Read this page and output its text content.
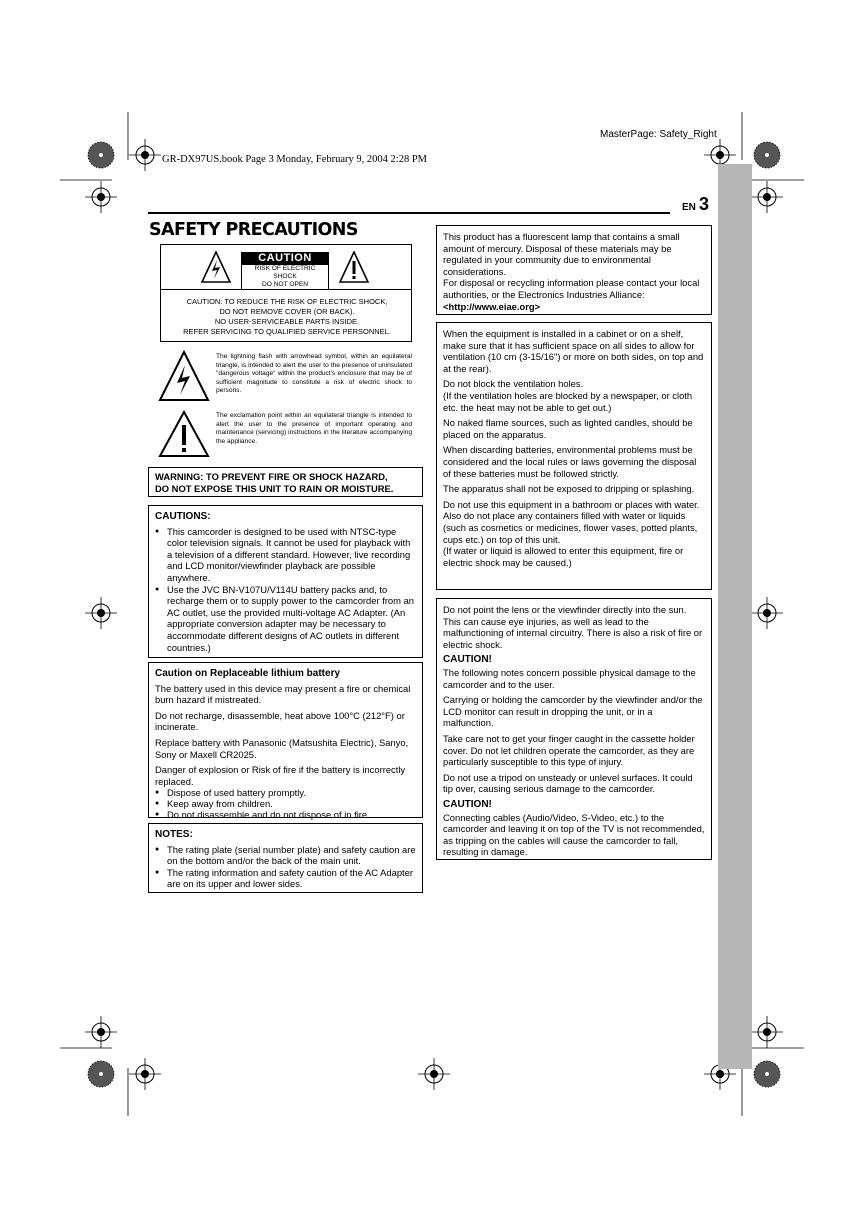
MasterPage: Safety_Right
GR-DX97US.book Page 3 Monday, February 9, 2004 2:28 PM
EN 3
SAFETY PRECAUTIONS
CAUTION
RISK OF ELECTRIC SHOCK
DO NOT OPEN
CAUTION: TO REDUCE THE RISK OF ELECTRIC SHOCK,
DO NOT REMOVE COVER (OR BACK).
NO USER-SERVICEABLE PARTS INSIDE.
REFER SERVICING TO QUALIFIED SERVICE PERSONNEL.
The lightning flash with arrowhead symbol, within an equilateral triangle, is intended to alert the user to the presence of uninsulated "dangerous voltage" within the product's enclosure that may be of sufficient magnitude to constitute a risk of electric shock to persons.
The exclamation point within an equilateral triangle is intended to alert the user to the presence of important operating and maintenance (servicing) instructions in the literature accompanying the appliance.
WARNING: TO PREVENT FIRE OR SHOCK HAZARD,
DO NOT EXPOSE THIS UNIT TO RAIN OR MOISTURE.
CAUTIONS:
● This camcorder is designed to be used with NTSC-type color television signals. It cannot be used for playback with a television of a different standard. However, live recording and LCD monitor/viewfinder playback are possible anywhere.
● Use the JVC BN-V107U/V114U battery packs and, to recharge them or to supply power to the camcorder from an AC outlet, use the provided multi-voltage AC Adapter. (An appropriate conversion adapter may be necessary to accommodate different designs of AC outlets in different countries.)
Caution on Replaceable lithium battery

The battery used in this device may present a fire or chemical burn hazard if mistreated.

Do not recharge, disassemble, heat above 100°C (212°F) or incinerate.

Replace battery with Panasonic (Matsushita Electric), Sanyo, Sony or Maxell CR2025.

Danger of explosion or Risk of fire if the battery is incorrectly replaced.

● Dispose of used battery promptly.
● Keep away from children.
● Do not disassemble and do not dispose of in fire.
NOTES:
● The rating plate (serial number plate) and safety caution are on the bottom and/or the back of the main unit.
● The rating information and safety caution of the AC Adapter are on its upper and lower sides.

This product has a fluorescent lamp that contains a small amount of mercury. Disposal of these materials may be regulated in your community due to environmental considerations.

For disposal or recycling information please contact your local authorities, or the Electronics Industries Alliance:

<http://www.eiae.org>

When the equipment is installed in a cabinet or on a shelf, make sure that it has sufficient space on all sides to allow for ventilation (10 cm (3-15/16") or more on both sides, on top and at the rear).

Do not block the ventilation holes.
(If the ventilation holes are blocked by a newspaper, or cloth etc. the heat may not be able to get out.)

No naked flame sources, such as lighted candles, should be placed on the apparatus.

When discarding batteries, environmental problems must be considered and the local rules or laws governing the disposal of these batteries must be followed strictly.

The apparatus shall not be exposed to dripping or splashing.

Do not use this equipment in a bathroom or places with water.
Also do not place any containers filled with water or liquids (such as cosmetics or medicines, flower vases, potted plants, cups etc.) on top of this unit.
(If water or liquid is allowed to enter this equipment, fire or electric shock may be caused.)

Do not point the lens or the viewfinder directly into the sun. This can cause eye injuries, as well as lead to the malfunctioning of internal circuitry. There is also a risk of fire or electric shock.

CAUTION!

The following notes concern possible physical damage to the camcorder and to the user.

Carrying or holding the camcorder by the viewfinder and/or the LCD monitor can result in dropping the unit, or in a malfunction.

Take care not to get your finger caught in the cassette holder cover. Do not let children operate the camcorder, as they are particularly susceptible to this type of injury.

Do not use a tripod on unsteady or unlevel surfaces. It could tip over, causing serious damage to the camcorder.

CAUTION!

Connecting cables (Audio/Video, S-Video, etc.) to the camcorder and leaving it on top of the TV is not recommended, as tripping on the cables will cause the camcorder to fall, resulting in damage.
